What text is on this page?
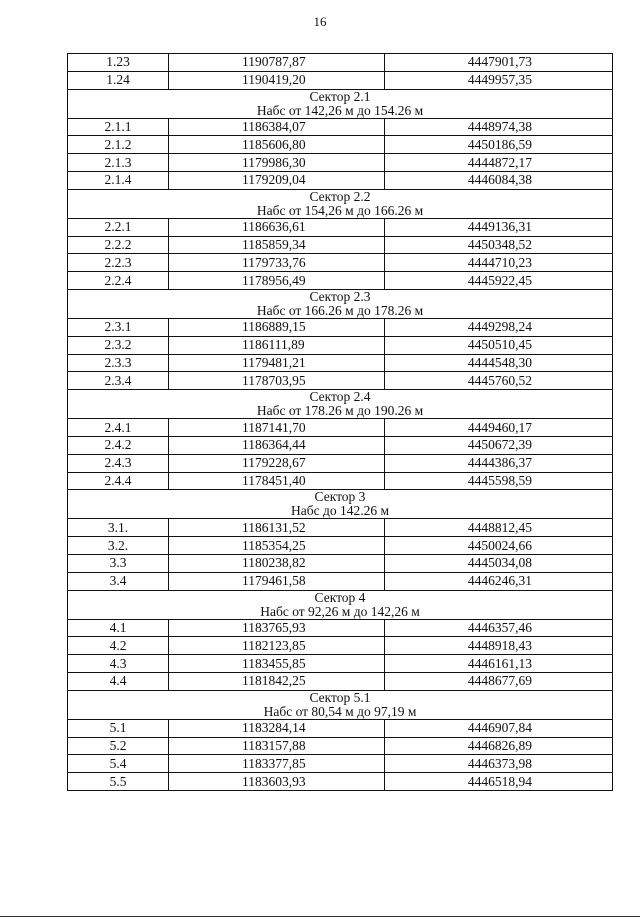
16
1.23	1190787,87	4447901,73
1.24	1190419,20	4449957,35

Сектор 2.1
Набс от 142,26 м до 154.26 м		

2.1.1	1186384,07	4448974,38
2.1.2	1185606,80	4450186,59
2.1.3	1179986,30	4444872,17
2.1.4	1179209,04	4446084,38

Сектор 2.2
Набс от 154,26 м до 166.26 м		

2.2.1	1186636,61	4449136,31
2.2.2	1185859,34	4450348,52
2.2.3	1179733,76	4444710,23
2.2.4	1178956,49	4445922,45

Сектор 2.3
Набс от 166.26 м до 178.26 м		

2.3.1	1186889,15	4449298,24
2.3.2	1186111,89	4450510,45
2.3.3	1179481,21	4444548,30
2.3.4	1178703,95	4445760,52

Сектор 2.4
Набс от 178.26 м до 190.26 м		

2.4.1	1187141,70	4449460,17
2.4.2	1186364,44	4450672,39
2.4.3	1179228,67	4444386,37
2.4.4	1178451,40	4445598,59

Сектор 3
Набс до 142.26 м		

3.1.	1186131,52	4448812,45
3.2.	1185354,25	4450024,66
3.3	1180238,82	4445034,08
3.4	1179461,58	4446246,31

Сектор 4
Набс от 92,26 м до 142,26 м		

4.1	1183765,93	4446357,46
4.2	1182123,85	4448918,43
4.3	1183455,85	4446161,13
4.4	1181842,25	4448677,69

Сектор 5.1
Набс от 80,54 м до 97,19 м		

5.1	1183284,14	4446907,84
5.2	1183157,88	4446826,89
5.4	1183377,85	4446373,98
5.5	1183603,93	4446518,94
